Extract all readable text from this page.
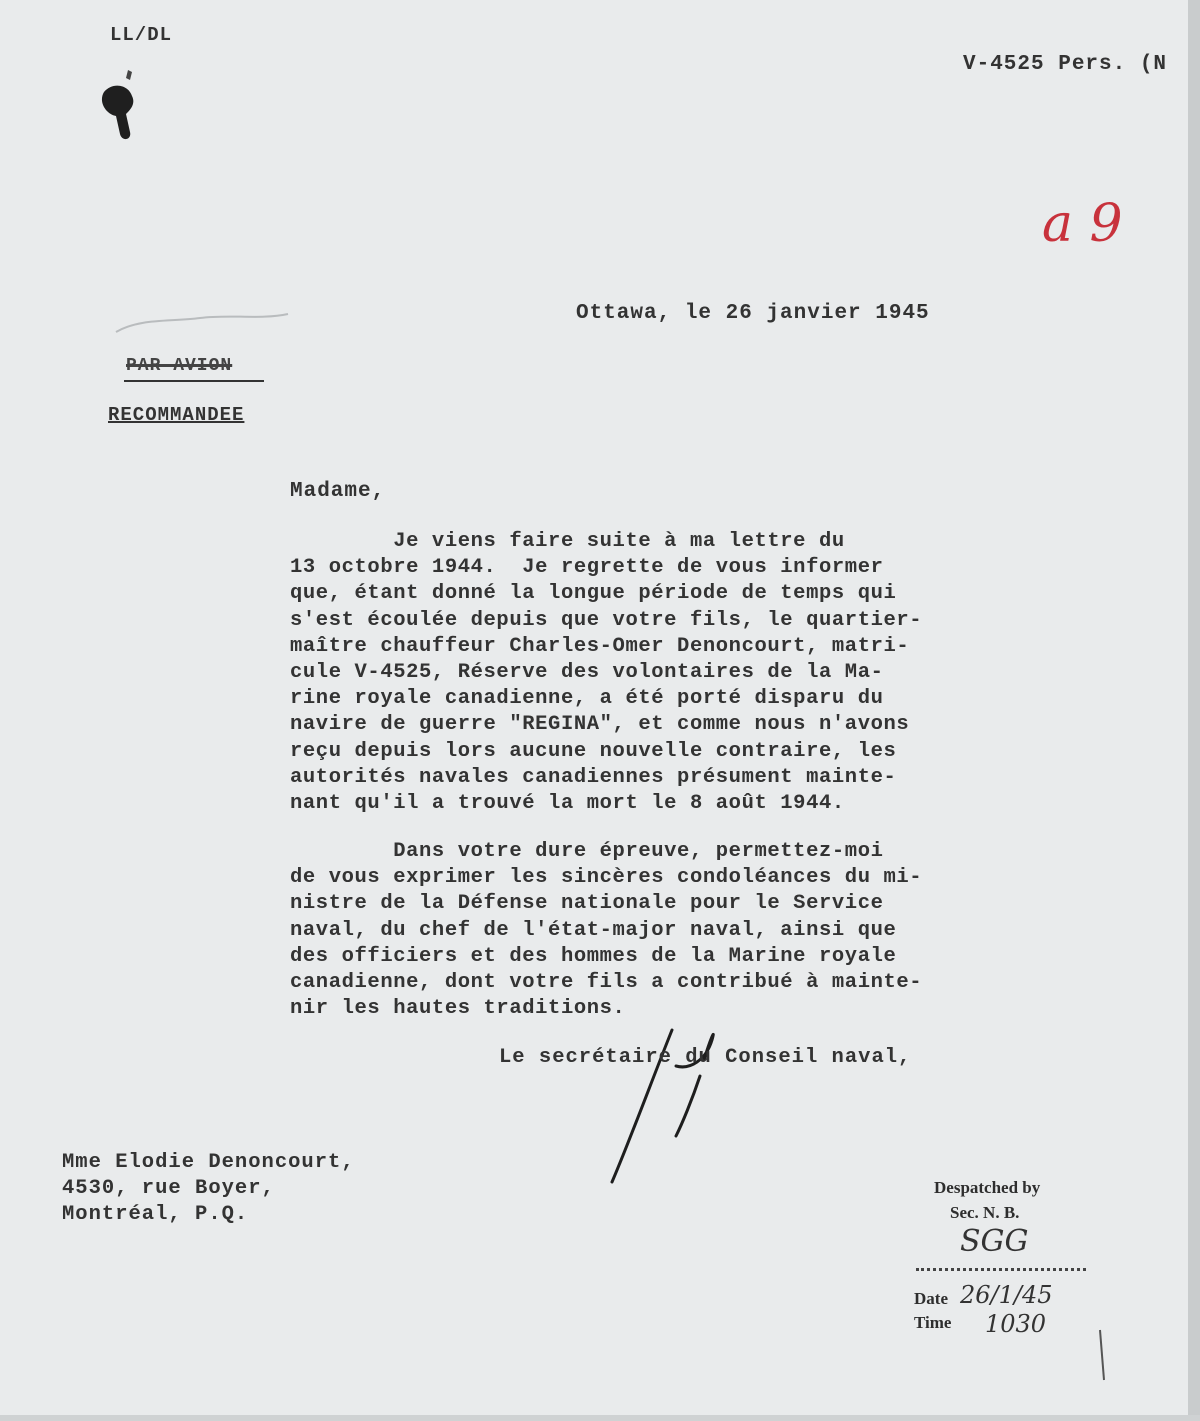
LL/DL
V-4525 Pers. (N
a 9
Ottawa, le 26 janvier 1945
PAR AVION
RECOMMANDEE
Madame,
Je viens faire suite à ma lettre du
13 octobre 1944.  Je regrette de vous informer
que, étant donné la longue période de temps qui
s'est écoulée depuis que votre fils, le quartier-
maître chauffeur Charles-Omer Denoncourt, matri-
cule V-4525, Réserve des volontaires de la Ma-
rine royale canadienne, a été porté disparu du
navire de guerre "REGINA", et comme nous n'avons
reçu depuis lors aucune nouvelle contraire, les
autorités navales canadiennes présument mainte-
nant qu'il a trouvé la mort le 8 août 1944.
Dans votre dure épreuve, permettez-moi
de vous exprimer les sincères condoléances du mi-
nistre de la Défense nationale pour le Service
naval, du chef de l'état-major naval, ainsi que
des officiers et des hommes de la Marine royale
canadienne, dont votre fils a contribué à mainte-
nir les hautes traditions.
Le secrétaire du Conseil naval,
Mme Elodie Denoncourt,
4530, rue Boyer,
Montréal, P.Q.
Despatched by
Sec. N. B.
Date
Time
SGG
26/1/45
1030
